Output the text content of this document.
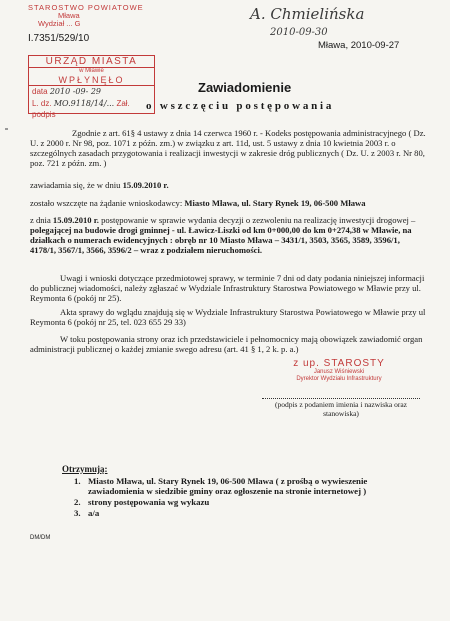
STAROSTWO POWIATOWE
Mława
Wydział ... G
I.7351/529/10
A. Chmielińska
2010-09-30
Mława, 2010-09-27
URZĄD MIASTA
w Mławie
WPŁYNĘŁO
data 2010 -09- 29
L. dz. MO.9118/14/... Zał.
podpis
Zawiadomienie
o wszczęciu postępowania
Zgodnie z art. 61§ 4 ustawy z dnia 14 czerwca 1960 r. - Kodeks postępowania administracyjnego ( Dz. U. z 2000 r. Nr 98, poz. 1071 z późn. zm.) w związku z art. 11d, ust. 5 ustawy z dnia 10 kwietnia 2003 r. o szczególnych zasadach przygotowania i realizacji inwestycji w zakresie dróg publicznych ( Dz. U. z 2003 r. Nr 80, poz. 721 z późn. zm. )
zawiadamia się, że w dniu 15.09.2010 r.
zostało wszczęte na żądanie wnioskodawcy: Miasto Mława, ul. Stary Rynek 19, 06-500 Mława
z dnia 15.09.2010 r. postępowanie w sprawie wydania decyzji o zezwoleniu na realizację inwestycji drogowej – polegającej na budowie drogi gminnej - ul. Ławicz-Liszki od km 0+000,00 do km 0+274,38 w Mławie, na działkach o numerach ewidencyjnych : obręb nr 10 Miasto Mława – 3431/1, 3503, 3565, 3589, 3596/1, 4178/1, 3567/1, 3566, 3596/2 – wraz z podziałem nieruchomości.
Uwagi i wnioski dotyczące przedmiotowej sprawy, w terminie 7 dni od daty podania niniejszej informacji do publicznej wiadomości, należy zgłaszać w Wydziale Infrastruktury Starostwa Powiatowego w Mławie przy ul. Reymonta 6 (pokój nr 25).
Akta sprawy do wglądu znajdują się w Wydziale Infrastruktury Starostwa Powiatowego w Mławie przy ul Reymonta 6 (pokój nr 25, tel. 023 655 29 33)
W toku postępowania strony oraz ich przedstawiciele i pełnomocnicy mają obowiązek zawiadomić organ administracji publicznej o każdej zmianie swego adresu (art. 41 § 1, 2 k. p. a.)
z up. STAROSTY
Janusz Wiśniewski
Dyrektor Wydziału Infrastruktury
(podpis z podaniem imienia i nazwiska oraz stanowiska)
Otrzymują:
1. Miasto Mława, ul. Stary Rynek 19, 06-500 Mława ( z prośbą o wywieszenie zawiadomienia w siedzibie gminy oraz ogłoszenie na stronie internetowej )
2. strony postępowania wg wykazu
3. a/a
DM/DM
